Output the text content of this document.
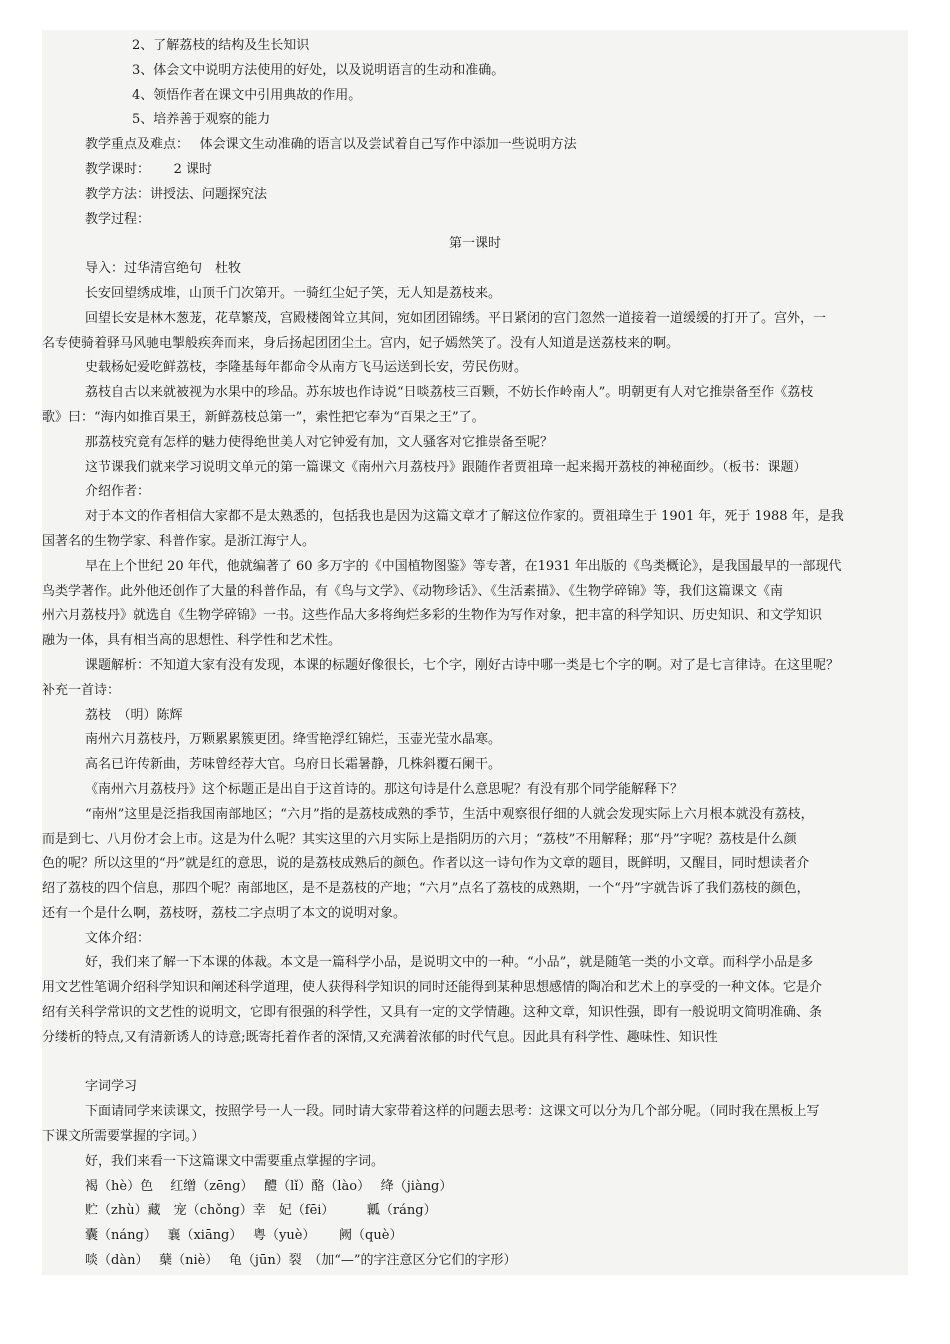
2、了解荔枝的结构及生长知识
3、体会文中说明方法使用的好处，以及说明语言的生动和准确。
4、领悟作者在课文中引用典故的作用。
5、培养善于观察的能力
教学重点及难点：　 体会课文生动准确的语言以及尝试着自己写作中添加一些说明方法
教学课时：　　 2 课时
教学方法：讲授法、问题探究法
教学过程：
第一课时
导入：过华清宫绝句　杜牧
长安回望绣成堆，山顶千门次第开。一骑红尘妃子笑，无人知是荔枝来。
回望长安是林木葱茏，花草繁茂，宫殿楼阁耸立其间，宛如团团锦绣。平日紧闭的宫门忽然一道接着一道缓缓的打开了。宫外，一
名专使骑着驿马风驰电掣般疾奔而来，身后扬起团团尘土。宫内，妃子嫣然笑了。没有人知道是送荔枝来的啊。
史载杨妃爱吃鲜荔枝，李隆基每年都命令从南方飞马运送到长安，劳民伤财。
荔枝自古以来就被视为水果中的珍品。苏东坡也作诗说“日啖荔枝三百颗，不妨长作岭南人”。明朝更有人对它推崇备至作《荔枝
歌》曰：“海内如推百果王，新鲜荔枝总第一”，索性把它奉为“百果之王”了。
那荔枝究竟有怎样的魅力使得绝世美人对它钟爱有加，文人骚客对它推崇备至呢？
这节课我们就来学习说明文单元的第一篇课文《南州六月荔枝丹》跟随作者贾祖璋一起来揭开荔枝的神秘面纱。（板书：课题）
介绍作者：
对于本文的作者相信大家都不是太熟悉的，包括我也是因为这篇文章才了解这位作家的。贾祖璋生于 1901 年，死于 1988 年，是我
国著名的生物学家、科普作家。是浙江海宁人。
早在上个世纪 20 年代，他就编著了 60 多万字的《中国植物图鉴》等专著，在1931 年出版的《鸟类概论》，是我国最早的一部现代
鸟类学著作。此外他还创作了大量的科普作品，有《鸟与文学》、《动物珍话》、《生活素描》、《生物学碎锦》等，我们这篇课文《南
州六月荔枝丹》就选自《生物学碎锦》一书。这些作品大多将绚烂多彩的生物作为写作对象，把丰富的科学知识、历史知识、和文学知识
融为一体，具有相当高的思想性、科学性和艺术性。
课题解析：不知道大家有没有发现，本课的标题好像很长，七个字，刚好古诗中哪一类是七个字的啊。对了是七言律诗。在这里呢？
补充一首诗：
荔枝　（明）陈辉
南州六月荔枝丹，万颗累累簇更团。绛雪艳浮红锦烂，玉壶光莹水晶寒。
高名已许传新曲，芳味曾经荐大官。乌府日长霜暑静，几株斜覆石阑干。
《南州六月荔枝丹》这个标题正是出自于这首诗的。那这句诗是什么意思呢？有没有那个同学能解释下？
“南州”这里是泛指我国南部地区；“六月”指的是荔枝成熟的季节，生活中观察很仔细的人就会发现实际上六月根本就没有荔枝，
而是到七、八月份才会上市。这是为什么呢？其实这里的六月实际上是指阴历的六月；“荔枝”不用解释；那“丹”字呢？荔枝是什么颜
色的呢？所以这里的“丹”就是红的意思，说的是荔枝成熟后的颜色。作者以这一诗句作为文章的题目，既鲜明，又醒目，同时想读者介
绍了荔枝的四个信息，那四个呢？南部地区，是不是荔枝的产地；“六月”点名了荔枝的成熟期，一个“丹”字就告诉了我们荔枝的颜色，
还有一个是什么啊，荔枝呀，荔枝二字点明了本文的说明对象。
文体介绍：
好，我们来了解一下本课的体裁。本文是一篇科学小品，是说明文中的一种。“小品”，就是随笔一类的小文章。而科学小品是多
用文艺性笔调介绍科学知识和阐述科学道理，使人获得科学知识的同时还能得到某种思想感情的陶冶和艺术上的享受的一种文体。它是介
绍有关科学常识的文艺性的说明文，它即有很强的科学性，又具有一定的文学情趣。这种文章，知识性强，即有一般说明文简明准确、条
分缕析的特点,又有清新诱人的诗意;既寄托着作者的深情,又充满着浓郁的时代气息。因此具有科学性、趣味性、知识性
字词学习
下面请同学来读课文，按照学号一人一段。同时请大家带着这样的问题去思考：这课文可以分为几个部分呢。（同时我在黑板上写
下课文所需要掌握的字词。）
好，我们来看一下这篇课文中需要重点掌握的字词。
褐（hè）色　 红缯（zēng）　 醴（lǐ）酪（lào）　 绛（jiàng）
贮（zhù）藏　宠（chǒng）幸　妃（fēi）　　　瓤（ráng）
囊（náng）　 襄（xiāng）　 粤（yuè）　　 阙（què）
啖（dàn）　 蘖（niè）　 龟（jūn）裂　（加“—”的字注意区分它们的字形）
